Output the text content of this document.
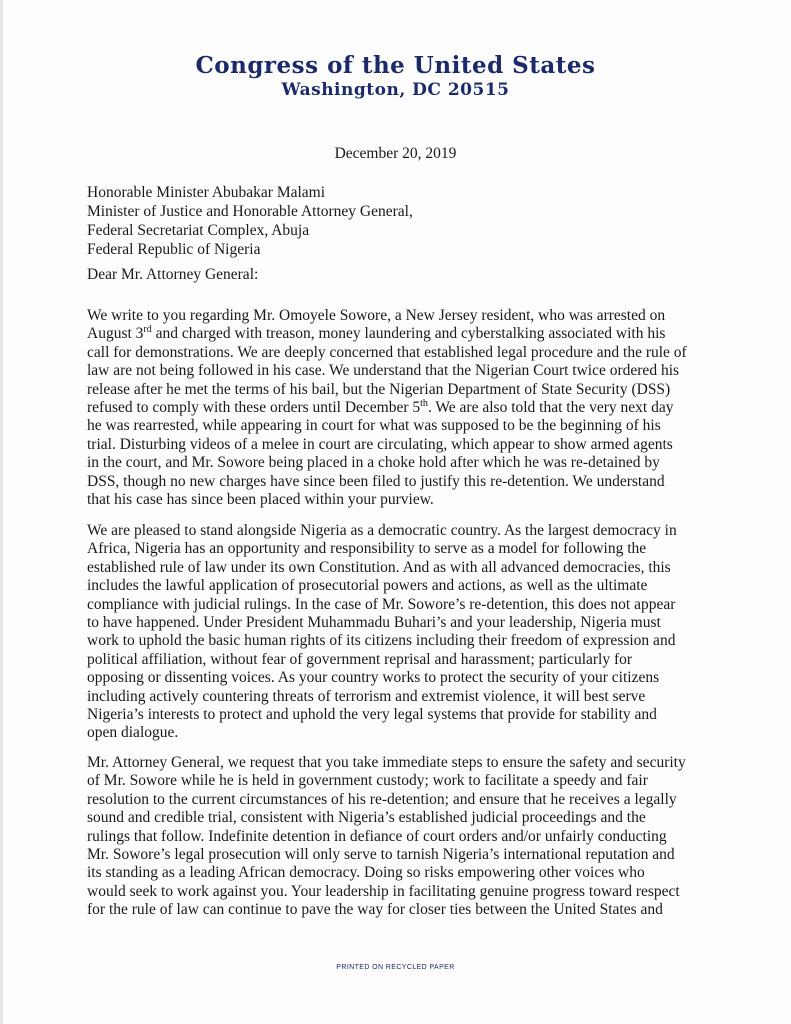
Congress of the United States
Washington, DC 20515
December 20, 2019
Honorable Minister Abubakar Malami
Minister of Justice and Honorable Attorney General,
Federal Secretariat Complex, Abuja
Federal Republic of Nigeria
Dear Mr. Attorney General:
We write to you regarding Mr. Omoyele Sowore, a New Jersey resident, who was arrested on
August 3rd and charged with treason, money laundering and cyberstalking associated with his
call for demonstrations. We are deeply concerned that established legal procedure and the rule of
law are not being followed in his case. We understand that the Nigerian Court twice ordered his
release after he met the terms of his bail, but the Nigerian Department of State Security (DSS)
refused to comply with these orders until December 5th. We are also told that the very next day
he was rearrested, while appearing in court for what was supposed to be the beginning of his
trial. Disturbing videos of a melee in court are circulating, which appear to show armed agents
in the court, and Mr. Sowore being placed in a choke hold after which he was re-detained by
DSS, though no new charges have since been filed to justify this re-detention. We understand
that his case has since been placed within your purview.
We are pleased to stand alongside Nigeria as a democratic country. As the largest democracy in
Africa, Nigeria has an opportunity and responsibility to serve as a model for following the
established rule of law under its own Constitution. And as with all advanced democracies, this
includes the lawful application of prosecutorial powers and actions, as well as the ultimate
compliance with judicial rulings. In the case of Mr. Sowore’s re-detention, this does not appear
to have happened. Under President Muhammadu Buhari’s and your leadership, Nigeria must
work to uphold the basic human rights of its citizens including their freedom of expression and
political affiliation, without fear of government reprisal and harassment; particularly for
opposing or dissenting voices. As your country works to protect the security of your citizens
including actively countering threats of terrorism and extremist violence, it will best serve
Nigeria’s interests to protect and uphold the very legal systems that provide for stability and
open dialogue.
Mr. Attorney General, we request that you take immediate steps to ensure the safety and security
of Mr. Sowore while he is held in government custody; work to facilitate a speedy and fair
resolution to the current circumstances of his re-detention; and ensure that he receives a legally
sound and credible trial, consistent with Nigeria’s established judicial proceedings and the
rulings that follow. Indefinite detention in defiance of court orders and/or unfairly conducting
Mr. Sowore’s legal prosecution will only serve to tarnish Nigeria’s international reputation and
its standing as a leading African democracy. Doing so risks empowering other voices who
would seek to work against you. Your leadership in facilitating genuine progress toward respect
for the rule of law can continue to pave the way for closer ties between the United States and
PRINTED ON RECYCLED PAPER
